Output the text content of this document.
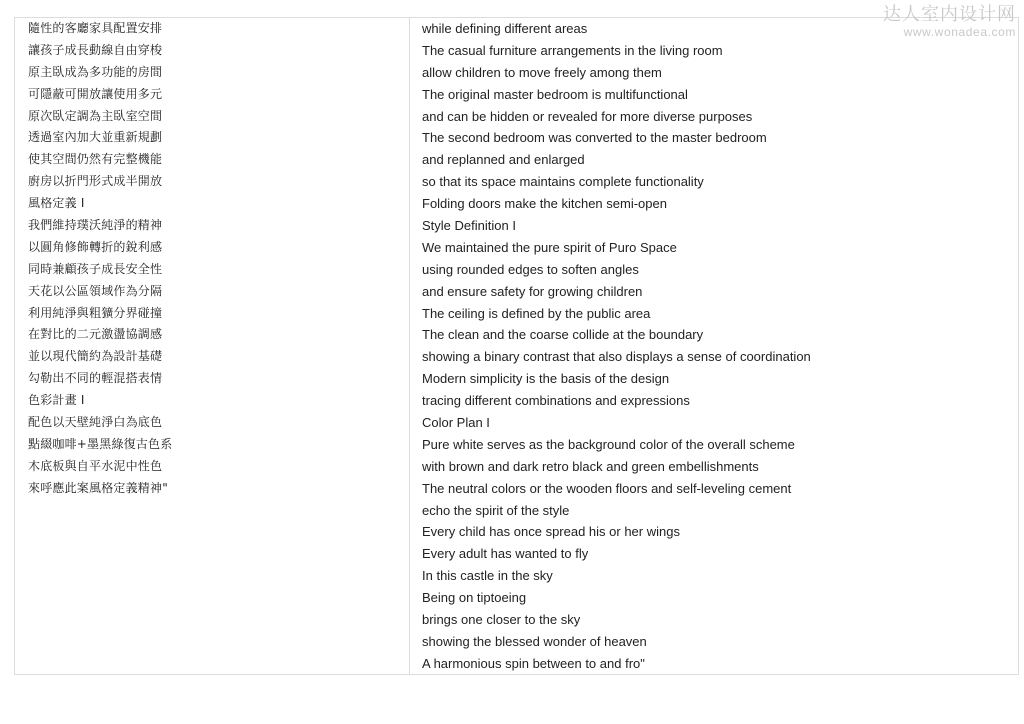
隨性的客廳家具配置安排
讓孩子成長動線自由穿梭
原主臥成為多功能的房間
可隱蔽可開放讓使用多元
原次臥定調為主臥室空間
透過室內加大並重新規劃
使其空間仍然有完整機能
廚房以折門形式成半開放
風格定義 I
我們維持璞沃純淨的精神
以圓角修飾轉折的銳利感
同時兼顧孩子成長安全性
天花以公區領域作為分隔
利用純淨與粗獷分界碰撞
在對比的二元激盪協調感
並以現代簡約為設計基礎
勾勒出不同的輕混搭表情
色彩計畫 I
配色以天壁純淨白為底色
點綴咖啡+墨黑綠復古色系
木底板與自平水泥中性色
來呼應此案風格定義精神"
while defining different areas
The casual furniture arrangements in the living room
allow children to move freely among them
The original master bedroom is multifunctional
and can be hidden or revealed for more diverse purposes
The second bedroom was converted to the master bedroom
and replanned and enlarged
so that its space maintains complete functionality
Folding doors make the kitchen semi-open
Style Definition I
We maintained the pure spirit of Puro Space
using rounded edges to soften angles
and ensure safety for growing children
The ceiling is defined by the public area
The clean and the coarse collide at the boundary
showing a binary contrast that also displays a sense of coordination
Modern simplicity is the basis of the design
tracing different combinations and expressions
Color Plan I
Pure white serves as the background color of the overall scheme
with brown and dark retro black and green embellishments
The neutral colors or the wooden floors and self-leveling cement
echo the spirit of the style
Every child has once spread his or her wings
Every adult has wanted to fly
In this castle in the sky
Being on tiptoeing
brings one closer to the sky
showing the blessed wonder of heaven
A harmonious spin between to and fro"
达人室内设计网
www.wonadea.com
